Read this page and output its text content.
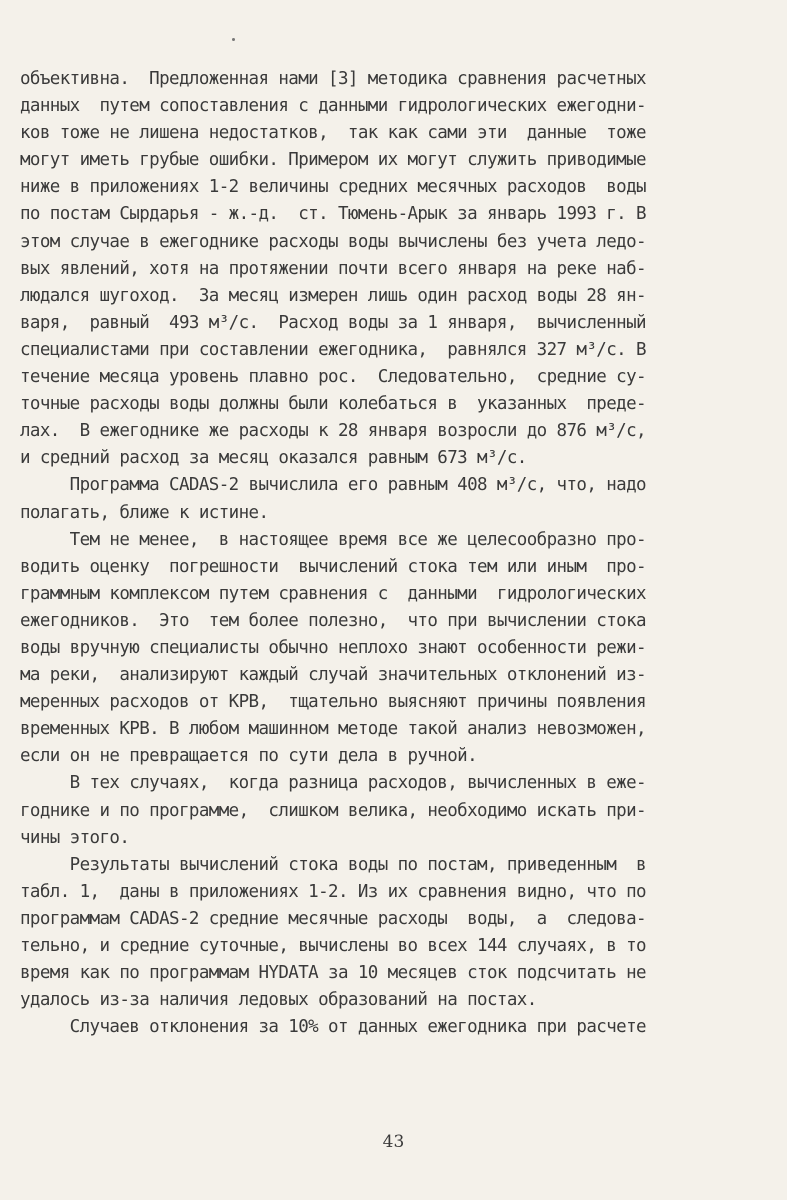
объективна.  Предложенная нами [3] методика сравнения расчетных
данных  путем сопоставления с данными гидрологических ежегодни-
ков тоже не лишена недостатков,  так как сами эти  данные  тоже
могут иметь грубые ошибки. Примером их могут служить приводимые
ниже в приложениях 1-2 величины средних месячных расходов  воды
по постам Сырдарья - ж.-д.  ст. Тюмень-Арык за январь 1993 г. В
этом случае в ежегоднике расходы воды вычислены без учета ледо-
вых явлений, хотя на протяжении почти всего января на реке наб-
людался шугоход.  За месяц измерен лишь один расход воды 28 ян-
варя,  равный  493 м³/с.  Расход воды за 1 января,  вычисленный
специалистами при составлении ежегодника,  равнялся 327 м³/с. В
течение месяца уровень плавно рос.  Следовательно,  средние су-
точные расходы воды должны были колебаться в  указанных  преде-
лах.  В ежегоднике же расходы к 28 января возросли до 876 м³/с,
и средний расход за месяц оказался равным 673 м³/с.
Программа CADAS-2 вычислила его равным 408 м³/с, что, надо
полагать, ближе к истине.
Тем не менее,  в настоящее время все же целесообразно про-
водить оценку  погрешности  вычислений стока тем или иным  про-
граммным комплексом путем сравнения с  данными  гидрологических
ежегодников.  Это  тем более полезно,  что при вычислении стока
воды вручную специалисты обычно неплохо знают особенности режи-
ма реки,  анализируют каждый случай значительных отклонений из-
меренных расходов от КРВ,  тщательно выясняют причины появления
временных КРВ. В любом машинном методе такой анализ невозможен,
если он не превращается по сути дела в ручной.
В тех случаях,  когда разница расходов, вычисленных в еже-
годнике и по программе,  слишком велика, необходимо искать при-
чины этого.
Результаты вычислений стока воды по постам, приведенным  в
табл. 1,  даны в приложениях 1-2. Из их сравнения видно, что по
программам CADAS-2 средние месячные расходы  воды,  а  следова-
тельно, и средние суточные, вычислены во всех 144 случаях, в то
время как по программам HYDATA за 10 месяцев сток подсчитать не
удалось из-за наличия ледовых образований на постах.
Случаев отклонения за 10% от данных ежегодника при расчете
43
